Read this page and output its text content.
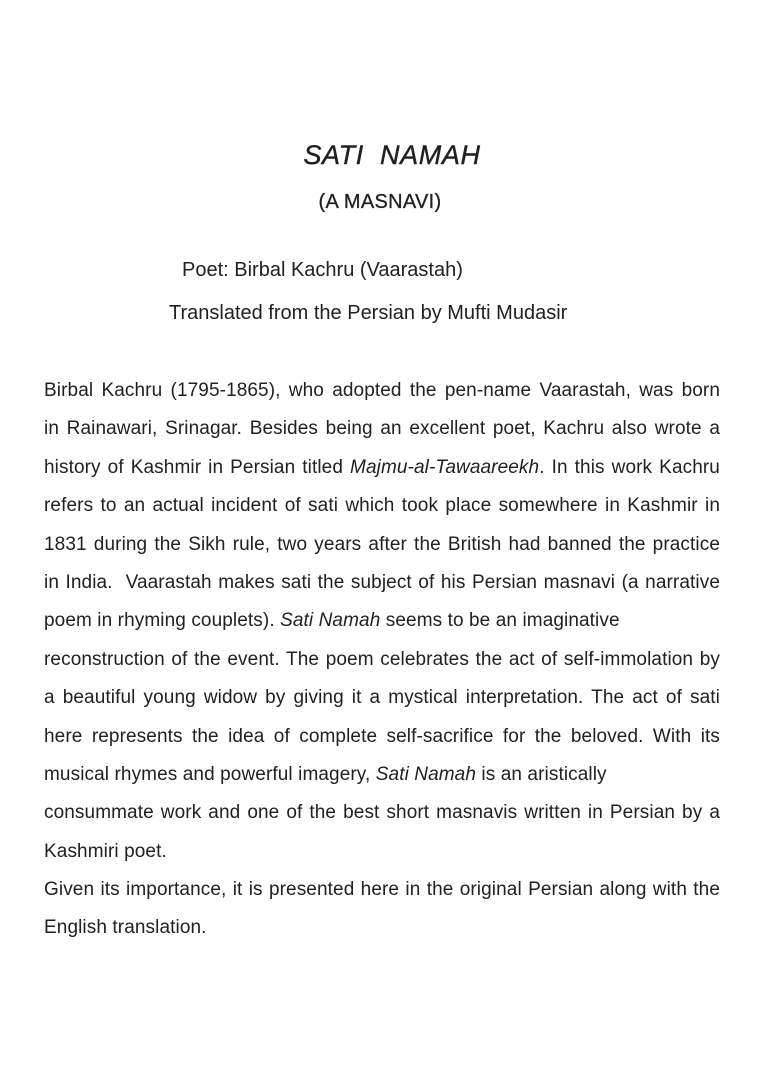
SATI  NAMAH
(A MASNAVI)
Poet: Birbal Kachru (Vaarastah)
Translated from the Persian by Mufti Mudasir
Birbal Kachru (1795-1865), who adopted the pen-name Vaarastah, was born
in Rainawari, Srinagar. Besides being an excellent poet, Kachru also wrote a
history of Kashmir in Persian titled Majmu-al-Tawaareekh. In this work Kachru
refers to an actual incident of sati which took place somewhere in Kashmir in
1831 during the Sikh rule, two years after the British had banned the practice
in India.  Vaarastah makes sati the subject of his Persian masnavi (a narrative
poem in rhyming couplets). Sati Namah seems to be an imaginative
reconstruction of the event. The poem celebrates the act of self-immolation by
a beautiful young widow by giving it a mystical interpretation. The act of sati
here represents the idea of complete self-sacrifice for the beloved. With its
musical rhymes and powerful imagery, Sati Namah is an aristically
consummate work and one of the best short masnavis written in Persian by a
Kashmiri poet.
Given its importance, it is presented here in the original Persian along with the
English translation.
